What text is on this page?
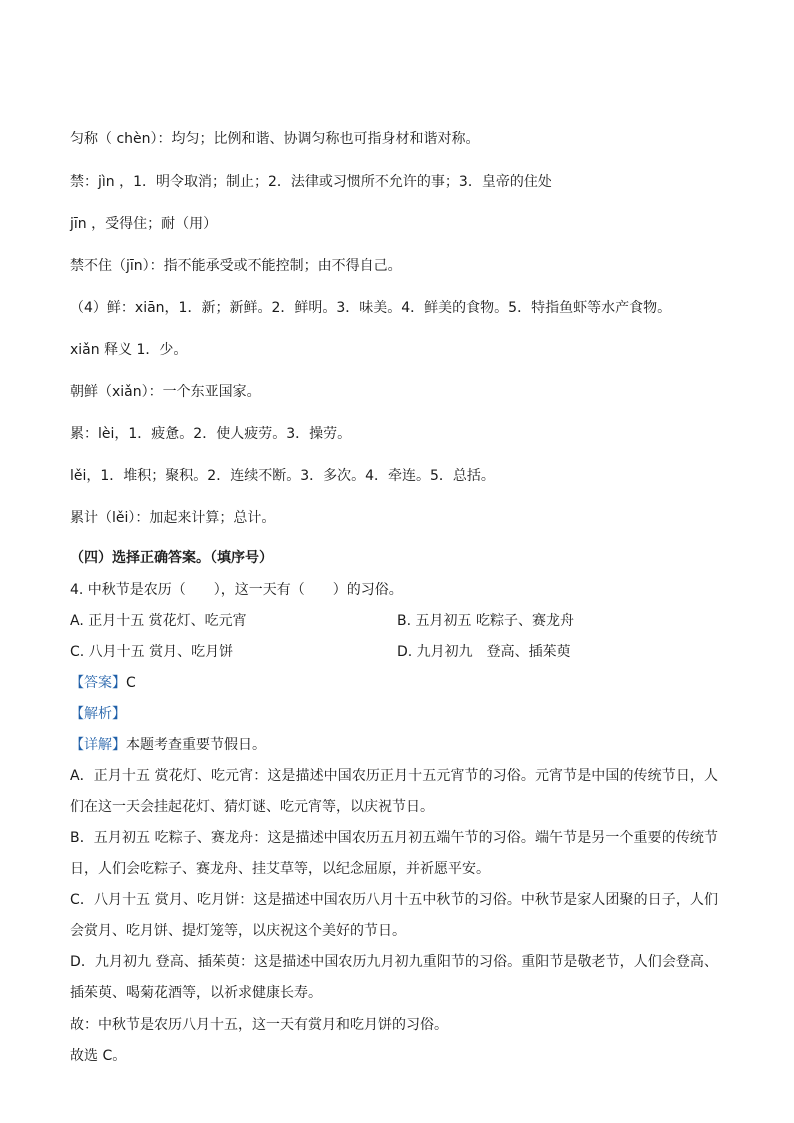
匀称（ chèn）：均匀；比例和谐、协调匀称也可指身材和谐对称。
禁：jìn ，1．明令取消；制止；2．法律或习惯所不允许的事；3．皇帝的住处
jīn ，受得住；耐（用）
禁不住（jīn）：指不能承受或不能控制；由不得自己。
（4）鲜：xiān，1．新；新鲜。2．鲜明。3．味美。4．鲜美的食物。5．特指鱼虾等水产食物。
xiǎn 释义 1．少。
朝鲜（xiǎn）：一个东亚国家。
累：lèi，1．疲惫。2．使人疲劳。3．操劳。
lěi，1．堆积；聚积。2．连续不断。3．多次。4．牵连。5．总括。
累计（lěi）：加起来计算；总计。
（四）选择正确答案。（填序号）
4. 中秋节是农历（　　），这一天有（　　）的习俗。
A. 正月十五 赏花灯、吃元宵	B. 五月初五 吃粽子、赛龙舟
C. 八月十五 赏月、吃月饼	D. 九月初九　登高、插茱萸
【答案】C
【解析】
【详解】本题考查重要节假日。
A．正月十五 赏花灯、吃元宵：这是描述中国农历正月十五元宵节的习俗。元宵节是中国的传统节日，人们在这一天会挂起花灯、猜灯谜、吃元宵等，以庆祝节日。
B．五月初五 吃粽子、赛龙舟：这是描述中国农历五月初五端午节的习俗。端午节是另一个重要的传统节日，人们会吃粽子、赛龙舟、挂艾草等，以纪念屈原，并祈愿平安。
C．八月十五 赏月、吃月饼：这是描述中国农历八月十五中秋节的习俗。中秋节是家人团聚的日子，人们会赏月、吃月饼、提灯笼等，以庆祝这个美好的节日。
D．九月初九 登高、插茱萸：这是描述中国农历九月初九重阳节的习俗。重阳节是敬老节，人们会登高、插茱萸、喝菊花酒等，以祈求健康长寿。
故：中秋节是农历八月十五，这一天有赏月和吃月饼的习俗。
故选 C。
